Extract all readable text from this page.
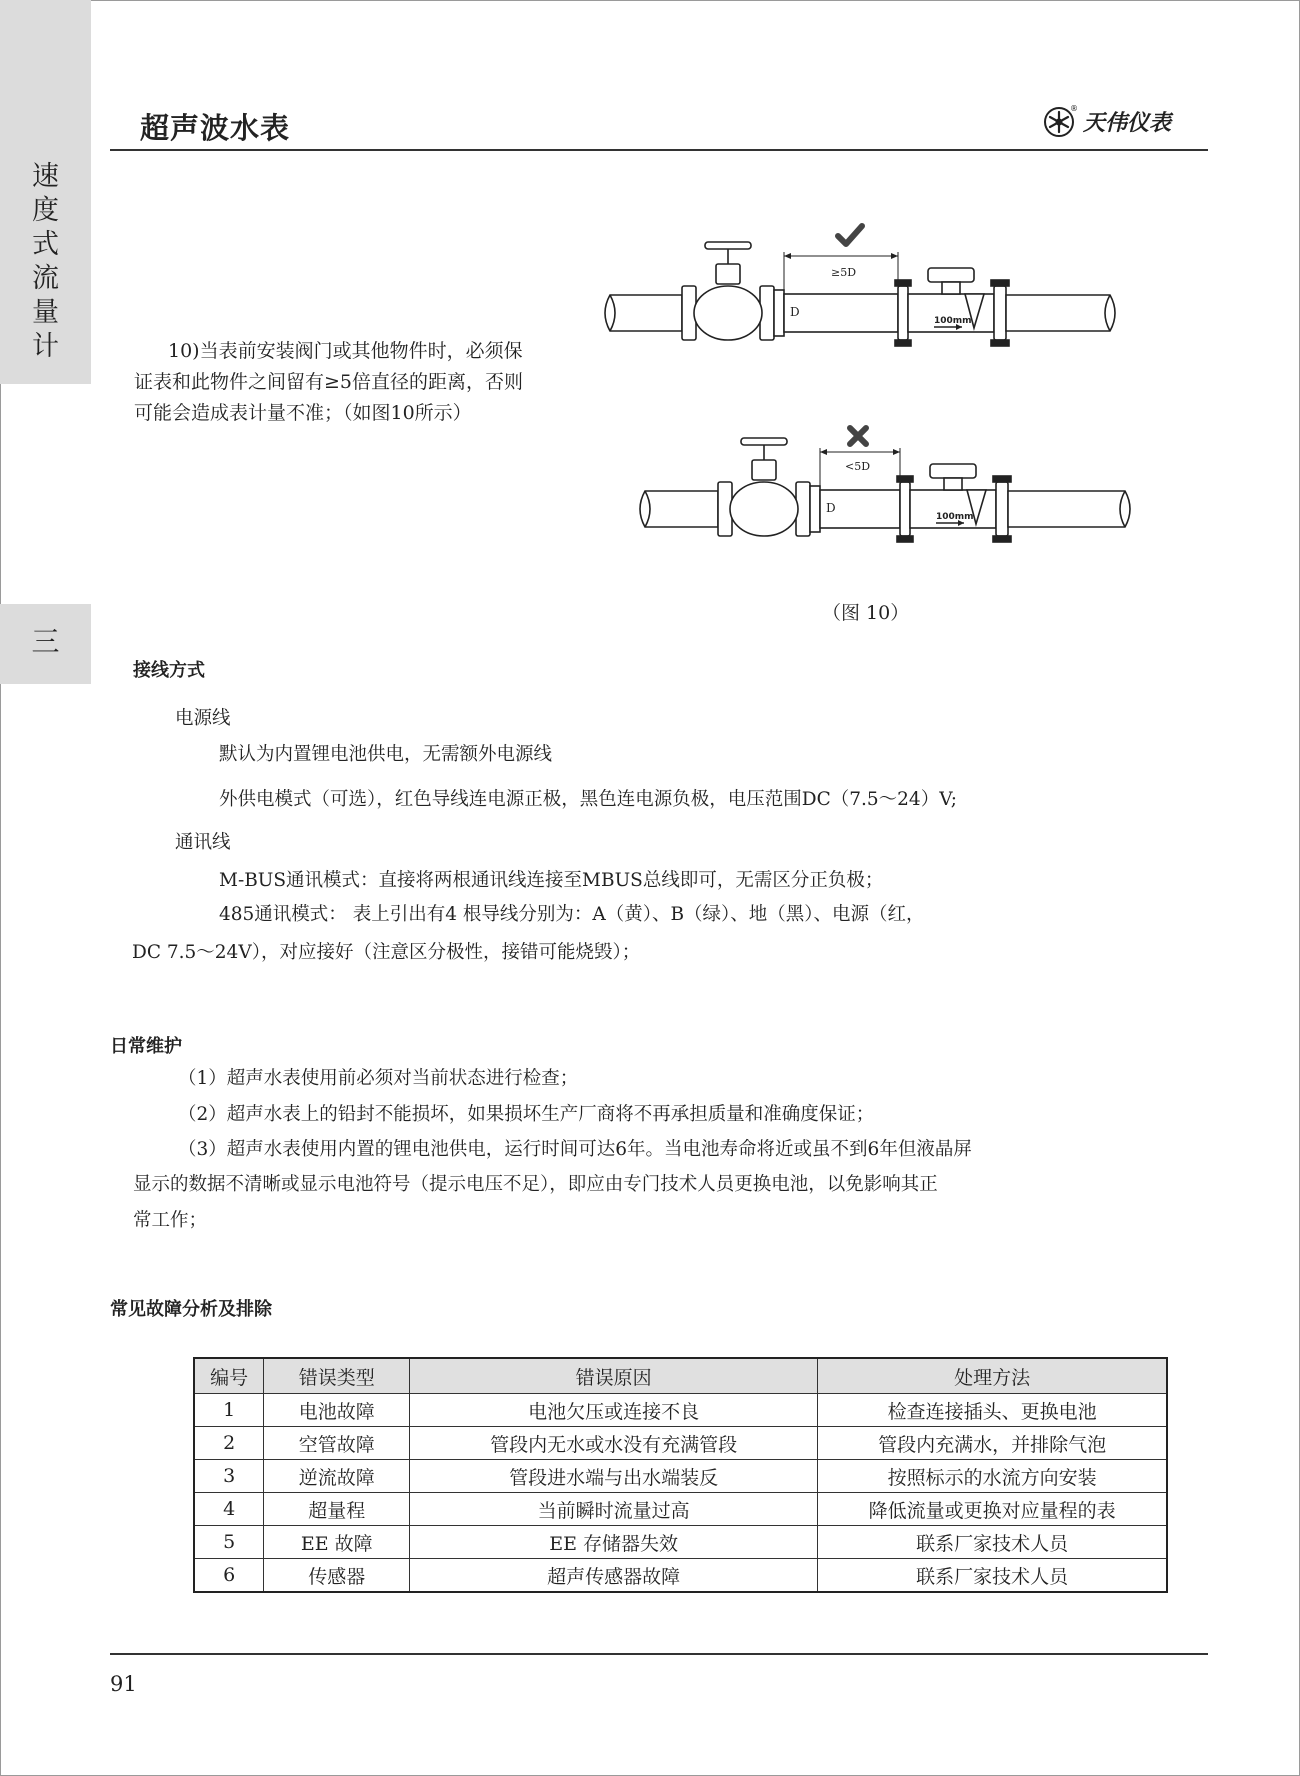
速
度
式
流
量
计
三
超声波水表
®
天伟仪表

10)当表前安装阀门或其他物件时，必须保证表和此物件之间留有≥5倍直径的距离，否则可能会造成表计量不准；（如图10所示）

≥5D
D
100mm
<5D
D
100mm
（图 10）
接线方式
电源线
默认为内置锂电池供电，无需额外电源线
外供电模式（可选），红色导线连电源正极，黑色连电源负极，电压范围DC（7.5～24）V;
通讯线
M-BUS通讯模式：直接将两根通讯线连接至MBUS总线即可，无需区分正负极；
485通讯模式： 表上引出有4 根导线分别为：A（黄）、B（绿）、地（黑）、电源（红，
DC 7.5～24V），对应接好（注意区分极性，接错可能烧毁）；
日常维护
（1）超声水表使用前必须对当前状态进行检查；
（2）超声水表上的铅封不能损坏，如果损坏生产厂商将不再承担质量和准确度保证；
（3）超声水表使用内置的锂电池供电，运行时间可达6年。当电池寿命将近或虽不到6年但液晶屏
显示的数据不清晰或显示电池符号（提示电压不足），即应由专门技术人员更换电池，以免影响其正
常工作；
常见故障分析及排除
编号	错误类型	错误原因	处理方法
1	电池故障	电池欠压或连接不良	检查连接插头、更换电池
2	空管故障	管段内无水或水没有充满管段	管段内充满水，并排除气泡
3	逆流故障	管段进水端与出水端装反	按照标示的水流方向安装
4	超量程	当前瞬时流量过高	降低流量或更换对应量程的表
5	EE 故障	EE 存储器失效	联系厂家技术人员
6	传感器	超声传感器故障	联系厂家技术人员
91
